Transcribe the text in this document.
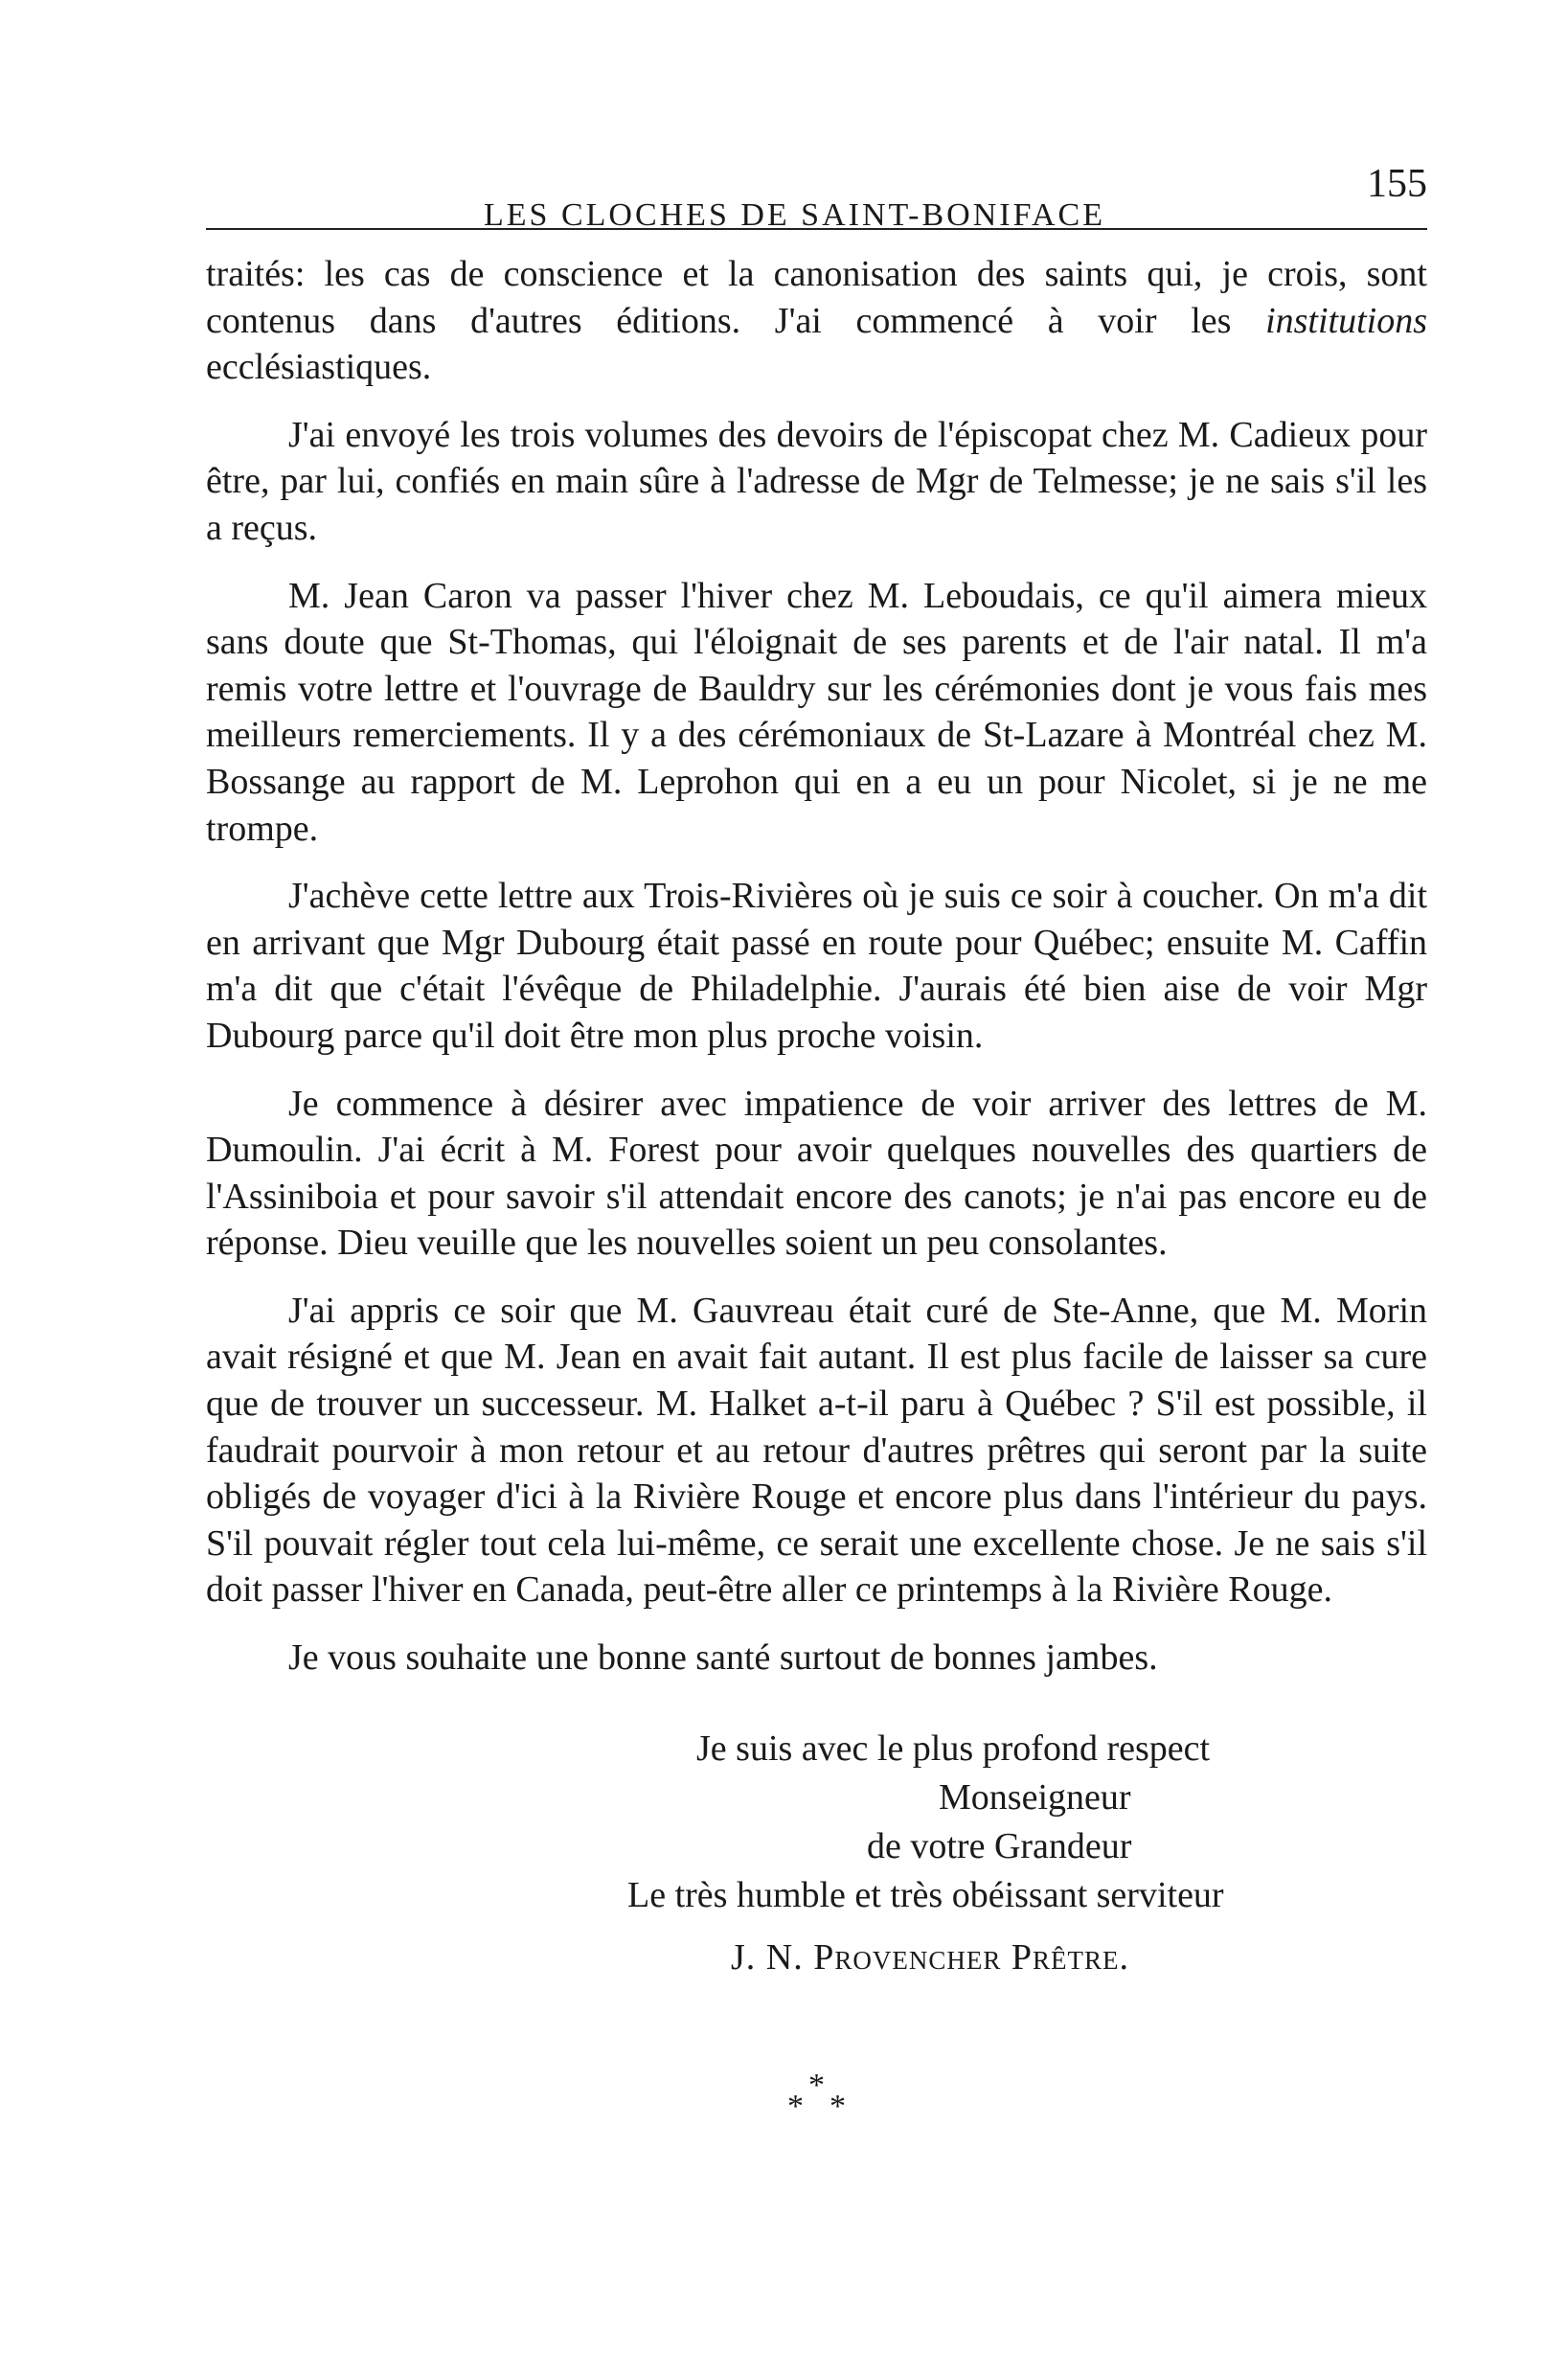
LES CLOCHES DE SAINT-BONIFACE
155

traités: les cas de conscience et la canonisation des saints qui, je crois, sont contenus dans d'autres éditions. J'ai commencé à voir les institutions ecclésiastiques.

J'ai envoyé les trois volumes des devoirs de l'épiscopat chez M. Cadieux pour être, par lui, confiés en main sûre à l'adresse de Mgr de Telmesse; je ne sais s'il les a reçus.

M. Jean Caron va passer l'hiver chez M. Leboudais, ce qu'il aimera mieux sans doute que St-Thomas, qui l'éloignait de ses parents et de l'air natal. Il m'a remis votre lettre et l'ouvrage de Bauldry sur les cérémonies dont je vous fais mes meilleurs remerciements. Il y a des cérémoniaux de St-Lazare à Montréal chez M. Bossange au rapport de M. Leprohon qui en a eu un pour Nicolet, si je ne me trompe.

J'achève cette lettre aux Trois-Rivières où je suis ce soir à coucher. On m'a dit en arrivant que Mgr Dubourg était passé en route pour Québec; ensuite M. Caffin m'a dit que c'était l'évêque de Philadelphie. J'aurais été bien aise de voir Mgr Dubourg parce qu'il doit être mon plus proche voisin.

Je commence à désirer avec impatience de voir arriver des lettres de M. Dumoulin. J'ai écrit à M. Forest pour avoir quelques nouvelles des quartiers de l'Assiniboia et pour savoir s'il attendait encore des canots; je n'ai pas encore eu de réponse. Dieu veuille que les nouvelles soient un peu consolantes.

J'ai appris ce soir que M. Gauvreau était curé de Ste-Anne, que M. Morin avait résigné et que M. Jean en avait fait autant. Il est plus facile de laisser sa cure que de trouver un successeur. M. Halket a-t-il paru à Québec ? S'il est possible, il faudrait pourvoir à mon retour et au retour d'autres prêtres qui seront par la suite obligés de voyager d'ici à la Rivière Rouge et encore plus dans l'intérieur du pays. S'il pouvait régler tout cela lui-même, ce serait une excellente chose. Je ne sais s'il doit passer l'hiver en Canada, peut-être aller ce printemps à la Rivière Rouge.

Je vous souhaite une bonne santé surtout de bonnes jambes.

Je suis avec le plus profond respect
Monseigneur
de votre Grandeur
Le très humble et très obéissant serviteur
J. N. Provencher Prêtre.
*
* *
